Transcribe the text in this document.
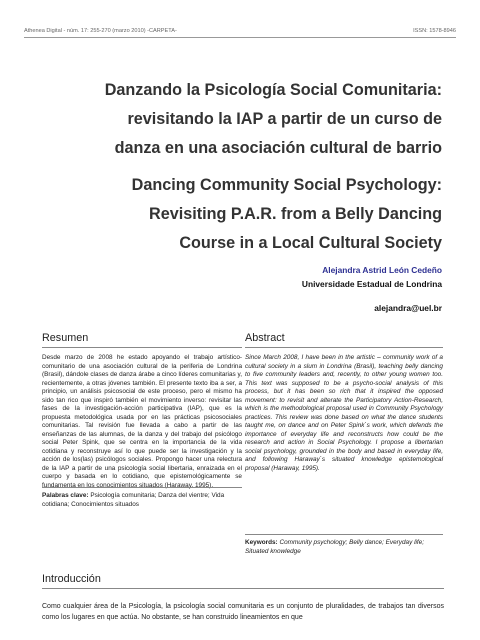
Athenea Digital - núm. 17: 255-270 (marzo 2010) -CARPETA-	ISSN: 1578-8946
Danzando la Psicología Social Comunitaria:
revisitando la IAP a partir de un curso de
danza en una asociación cultural de barrio
Dancing Community Social Psychology:
Revisiting P.A.R. from a Belly Dancing
Course in a Local Cultural Society
Alejandra Astrid León Cedeño
Universidade Estadual de Londrina
alejandra@uel.br
Resumen

Desde marzo de 2008 he estado apoyando el trabajo artístico-comunitario de una asociación cultural de la periferia de Londrina (Brasil), dándole clases de danza árabe a cinco líderes comunitarias y, recientemente, a otras jóvenes también. El presente texto iba a ser, a principio, un análisis psicosocial de este proceso, pero el mismo ha sido tan rico que inspiró también el movimiento inverso: revisitar las fases de la investigación-acción participativa (IAP), que es la propuesta metodológica usada por en las prácticas psicosociales comunitarias. Tal revisión fue llevada a cabo a partir de las enseñanzas de las alumnas, de la danza y del trabajo del psicólogo social Peter Spink, que se centra en la importancia de la vida cotidiana y reconstruye así lo que puede ser la investigación y la acción de los(las) psicólogos sociales. Propongo hacer una relectura de la IAP a partir de una psicología social libertaria, enraizada en el cuerpo y basada en lo cotidiano, que epistemológicamente se fundamenta en los conocimientos situados (Haraway, 1995).

Palabras clave: Psicología comunitaria; Danza del vientre; Vida cotidiana; Conocimientos situados
Abstract

Since March 2008, I have been in the artistic – community work of a cultural society in a slum in Londrina (Brasil), teaching belly dancing to five community leaders and, recently, to other young women too. This text was supposed to be a psycho-social analysis of this process, but it has been so rich that it inspired the opposed movement: to revisit and alterate the Participatory Action-Research, which is the methodological proposal used in Community Psychology practices. This review was done based on what the dance students taught me, on dance and on Peter Spink`s work, which defends the importance of everyday life and reconstructs how could be the research and action in Social Psychology. I propose a libertarian social psychology, grounded in the body and based in everyday life, and following Haraway`s situated knowledge epistemological proposal (Haraway, 1995).

Keywords: Community psychology; Belly dance; Everyday life; Situated knowledge
Introducción

Como cualquier área de la Psicología, la psicología social comunitaria es un conjunto de pluralidades, de trabajos tan diversos como los lugares en que actúa. No obstante, se han construido lineamientos en que
